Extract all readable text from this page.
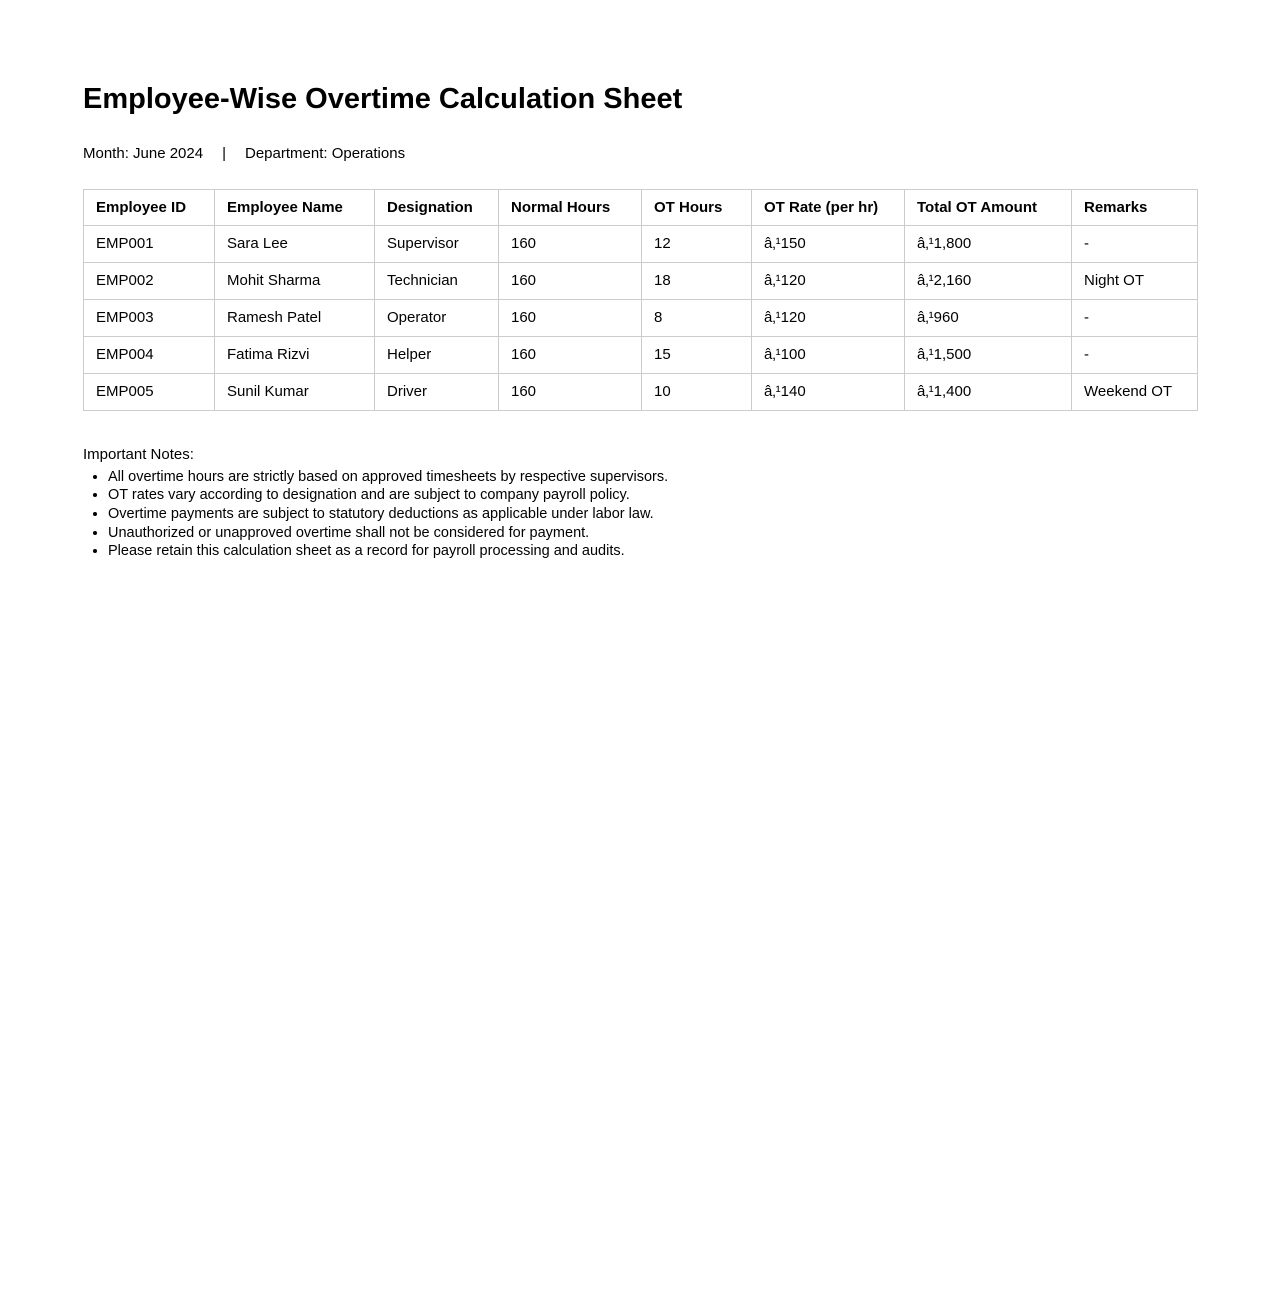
Employee-Wise Overtime Calculation Sheet
Month: June 2024 | Department: Operations
Employee ID	Employee Name	Designation	Normal Hours	OT Hours	OT Rate (per hr)	Total OT Amount	Remarks
EMP001	Sara Lee	Supervisor	160	12	â‚¹150	â‚¹1,800	-
EMP002	Mohit Sharma	Technician	160	18	â‚¹120	â‚¹2,160	Night OT
EMP003	Ramesh Patel	Operator	160	8	â‚¹120	â‚¹960	-
EMP004	Fatima Rizvi	Helper	160	15	â‚¹100	â‚¹1,500	-
EMP005	Sunil Kumar	Driver	160	10	â‚¹140	â‚¹1,400	Weekend OT
Important Notes:
• All overtime hours are strictly based on approved timesheets by respective supervisors.
• OT rates vary according to designation and are subject to company payroll policy.
• Overtime payments are subject to statutory deductions as applicable under labor law.
• Unauthorized or unapproved overtime shall not be considered for payment.
• Please retain this calculation sheet as a record for payroll processing and audits.
